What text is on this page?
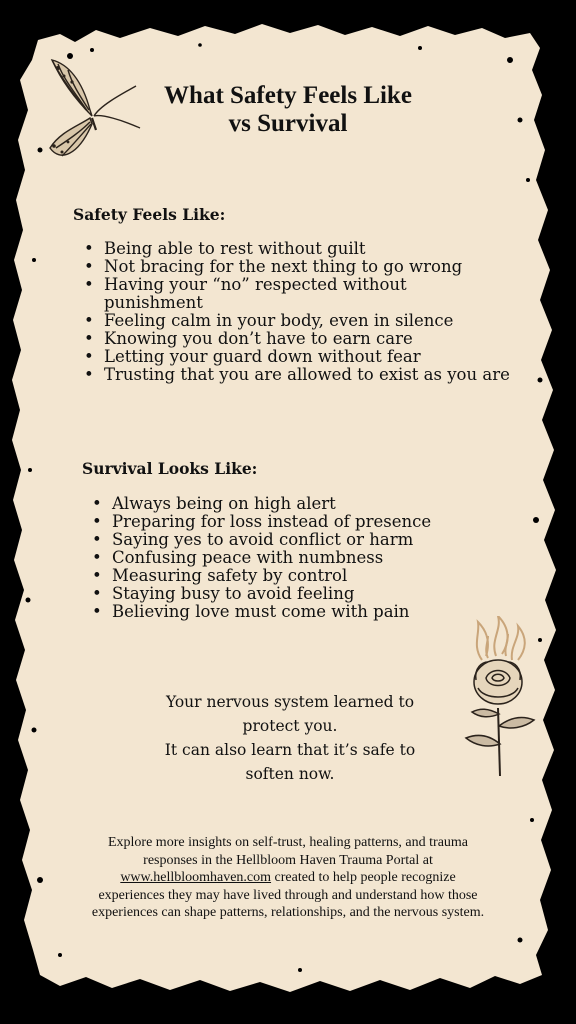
What Safety Feels Like
vs Survival
Safety Feels Like:
• Being able to rest without guilt
• Not bracing for the next thing to go wrong
• Having your “no” respected without punishment
• Feeling calm in your body, even in silence
• Knowing you don’t have to earn care
• Letting your guard down without fear
• Trusting that you are allowed to exist as you are
Survival Looks Like:
• Always being on high alert
• Preparing for loss instead of presence
• Saying yes to avoid conflict or harm
• Confusing peace with numbness
• Measuring safety by control
• Staying busy to avoid feeling
• Believing love must come with pain
Your nervous system learned to
protect you.
It can also learn that it’s safe to
soften now.
Explore more insights on self-trust, healing patterns, and trauma responses in the Hellbloom Haven Trauma Portal at www.hellbloomhaven.com created to help people recognize experiences they may have lived through and understand how those experiences can shape patterns, relationships, and the nervous system.
